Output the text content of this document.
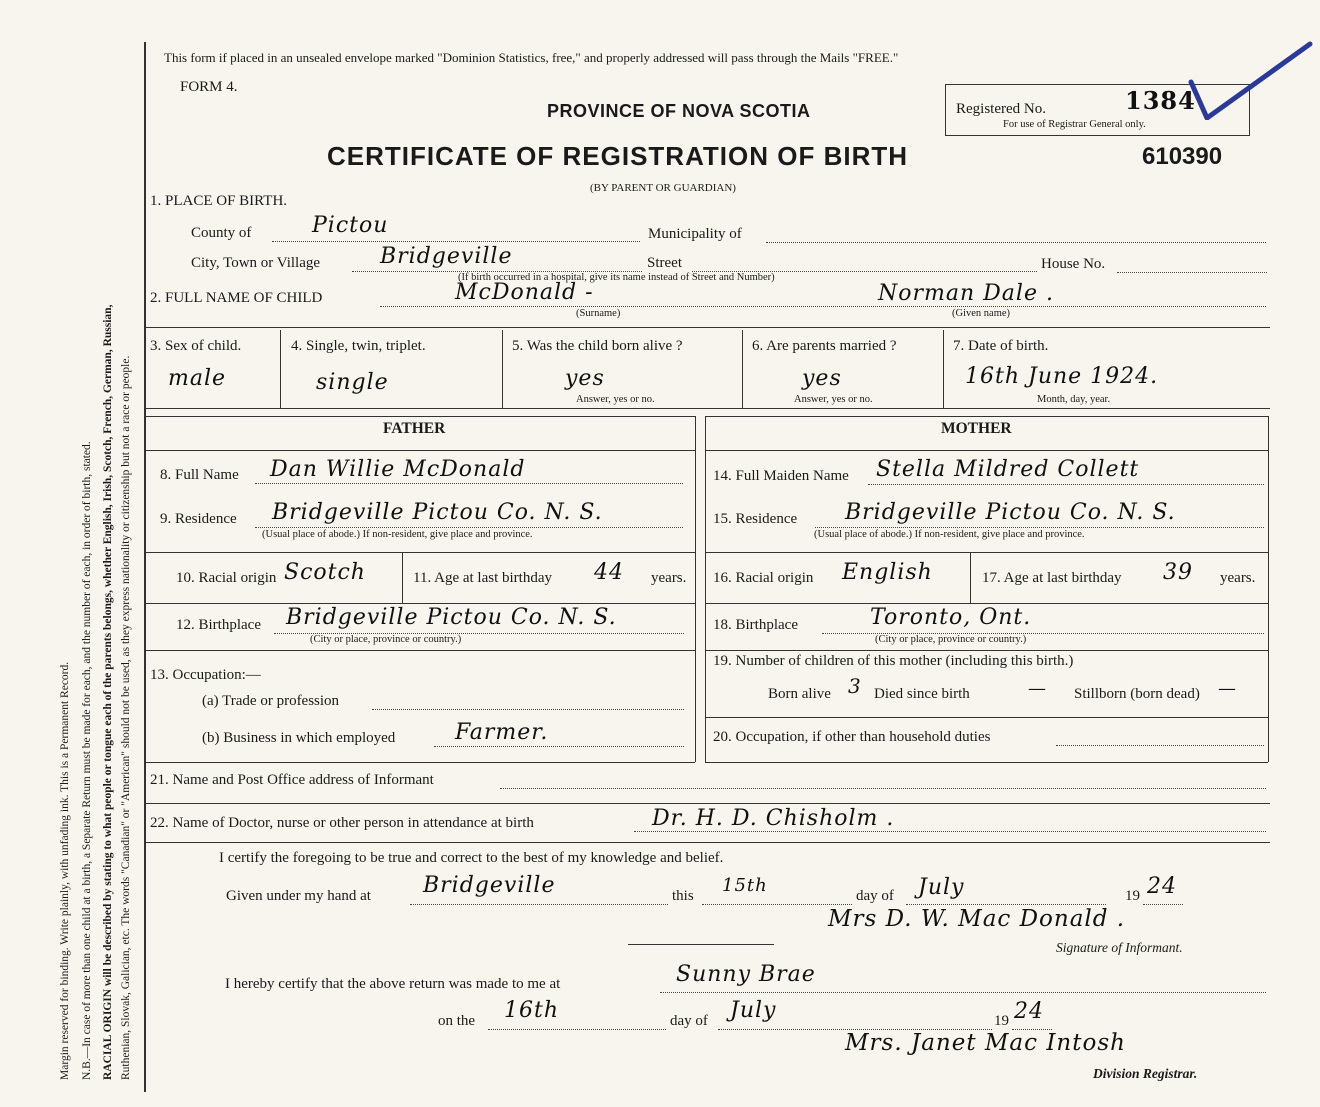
Margin reserved for binding. Write plainly, with unfading ink. This is a Permanent Record. N.B.—In case of more than one child at a birth, a Separate Return must be made for each, and the number of each, in order of birth, stated. RACIAL ORIGIN will be described by stating to what people or tongue each of the parents belongs, whether English, Irish, Scotch, French, German, Russian, Ruthenian, Slovak, Galician, etc. The words "Canadian" or "American" should not be used, as they express nationality or citizenship but not a race or people.
This form if placed in an unsealed envelope marked "Dominion Statistics, free," and properly addressed will pass through the Mails "FREE."
FORM 4.
PROVINCE OF NOVA SCOTIA
CERTIFICATE OF REGISTRATION OF BIRTH
(BY PARENT OR GUARDIAN)
610390
Registered No.	1384
For use of Registrar General only.
1. PLACE OF BIRTH.
County of	Pictou	Municipality of
City, Town or Village	Bridgeville	Street	House No.
(If birth occurred in a hospital, give its name instead of Street and Number)
2. FULL NAME OF CHILD	McDonald -
(Surname)
Norman Dale .
(Given name)
3. Sex of child.
male
4. Single, twin, triplet.
single
5. Was the child born alive ?
yes
Answer, yes or no.
6. Are parents married ?
yes
Answer, yes or no.
7. Date of birth.
16th June 1924.
Month, day, year.
FATHER
8. Full Name Dan Willie McDonald
9. Residence Bridgeville Pictou Co. N. S.
(Usual place of abode.) If non-resident, give place and province.
10. Racial origin Scotch	11. Age at last birthday 44 years.
12. Birthplace Bridgeville Pictou Co. N. S.
(City or place, province or country.)
13. Occupation:—
(a) Trade or profession
(b) Business in which employed	Farmer.
MOTHER
14. Full Maiden Name Stella Mildred Collett
15. Residence Bridgeville Pictou Co. N. S.
(Usual place of abode.) If non-resident, give place and province.
16. Racial origin English	17. Age at last birthday 39 years.
18. Birthplace	Toronto, Ont.
(City or place, province or country.)
19. Number of children of this mother (including this birth.)
Born alive 3 Died since birth	— Stillborn (born dead) —
20. Occupation, if other than household duties
21. Name and Post Office address of Informant
22. Name of Doctor, nurse or other person in attendance at birth	Dr. H. D. Chisholm .
I certify the foregoing to be true and correct to the best of my knowledge and belief.
Given under my hand at Bridgeville	this 15th	day of July	19 24
Mrs D. W. Mac Donald .
Signature of Informant.
I hereby certify that the above return was made to me at	Sunny Brae
on the 16th	day of July	19 24
Mrs. Janet Mac Intosh
Division Registrar.
